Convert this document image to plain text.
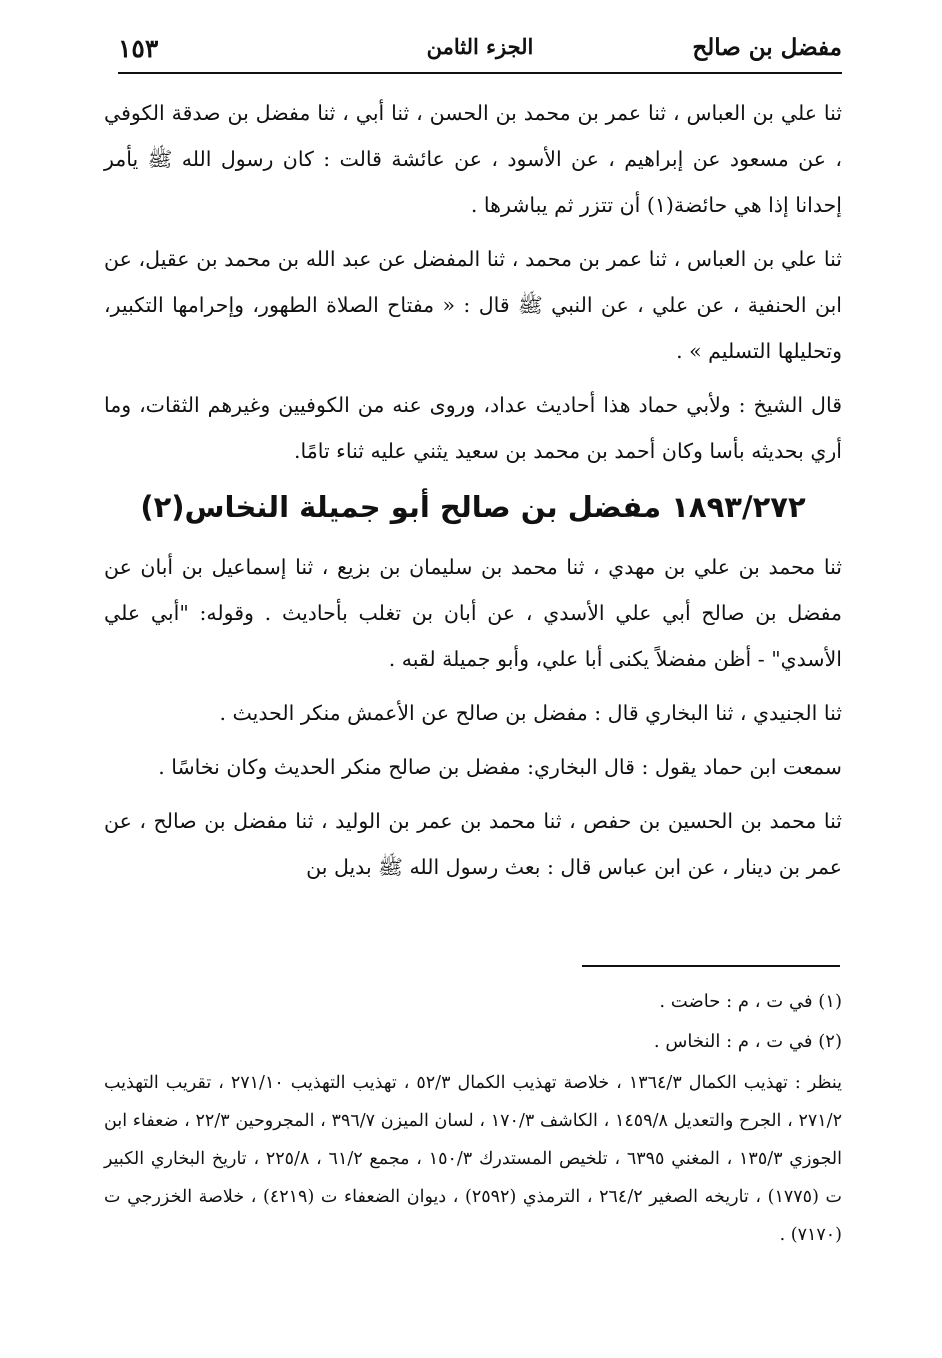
مفضل بن صالح
الجزء الثامن
١٥٣

ثنا علي بن العباس ، ثنا عمر بن محمد بن الحسن ، ثنا أبي ، ثنا مفضل بن صدقة الكوفي ، عن مسعود عن إبراهيم ، عن الأسود ، عن عائشة قالت : كان رسول الله ﷺ يأمر إحدانا إذا هي حائضة(١) أن تتزر ثم يباشرها .

ثنا علي بن العباس ، ثنا عمر بن محمد ، ثنا المفضل عن عبد الله بن محمد بن عقيل، عن ابن الحنفية ، عن علي ، عن النبي ﷺ قال : « مفتاح الصلاة الطهور، وإحرامها التكبير، وتحليلها التسليم » .

قال الشيخ : ولأبي حماد هذا أحاديث عداد، وروى عنه من الكوفيين وغيرهم الثقات، وما أري بحديثه بأسا وكان أحمد بن محمد بن سعيد يثني عليه ثناء تامًا.

١٨٩٣/٢٧٢ مفضل بن صالح أبو جميلة النخاس(٢)

ثنا محمد بن علي بن مهدي ، ثنا محمد بن سليمان بن بزيع ، ثنا إسماعيل بن أبان عن مفضل بن صالح أبي علي الأسدي ، عن أبان بن تغلب بأحاديث . وقوله: "أبي علي الأسدي" - أظن مفضلاً يكنى أبا علي، وأبو جميلة لقبه .

ثنا الجنيدي ، ثنا البخاري قال : مفضل بن صالح عن الأعمش منكر الحديث .

سمعت ابن حماد يقول : قال البخاري: مفضل بن صالح منكر الحديث وكان نخاسًا .

ثنا محمد بن الحسين بن حفص ، ثنا محمد بن عمر بن الوليد ، ثنا مفضل بن صالح ، عن عمر بن دينار ، عن ابن عباس قال : بعث رسول الله ﷺ بديل بن

(١) في ت ، م : حاضت .

(٢) في ت ، م : النخاس .

ينظر : تهذيب الكمال ١٣٦٤/٣ ، خلاصة تهذيب الكمال ٥٢/٣ ، تهذيب التهذيب ٢٧١/١٠ ، تقريب التهذيب ٢٧١/٢ ، الجرح والتعديل ١٤٥٩/٨ ، الكاشف ١٧٠/٣ ، لسان الميزن ٣٩٦/٧ ، المجروحين ٢٢/٣ ، ضعفاء ابن الجوزي ١٣٥/٣ ، المغني ٦٣٩٥ ، تلخيص المستدرك ١٥٠/٣ ، مجمع ٦١/٢ ، ٢٢٥/٨ ، تاريخ البخاري الكبير ت (١٧٧٥) ، تاريخه الصغير ٢٦٤/٢ ، الترمذي (٢٥٩٢) ، ديوان الضعفاء ت (٤٢١٩) ، خلاصة الخزرجي ت (٧١٧٠) .
